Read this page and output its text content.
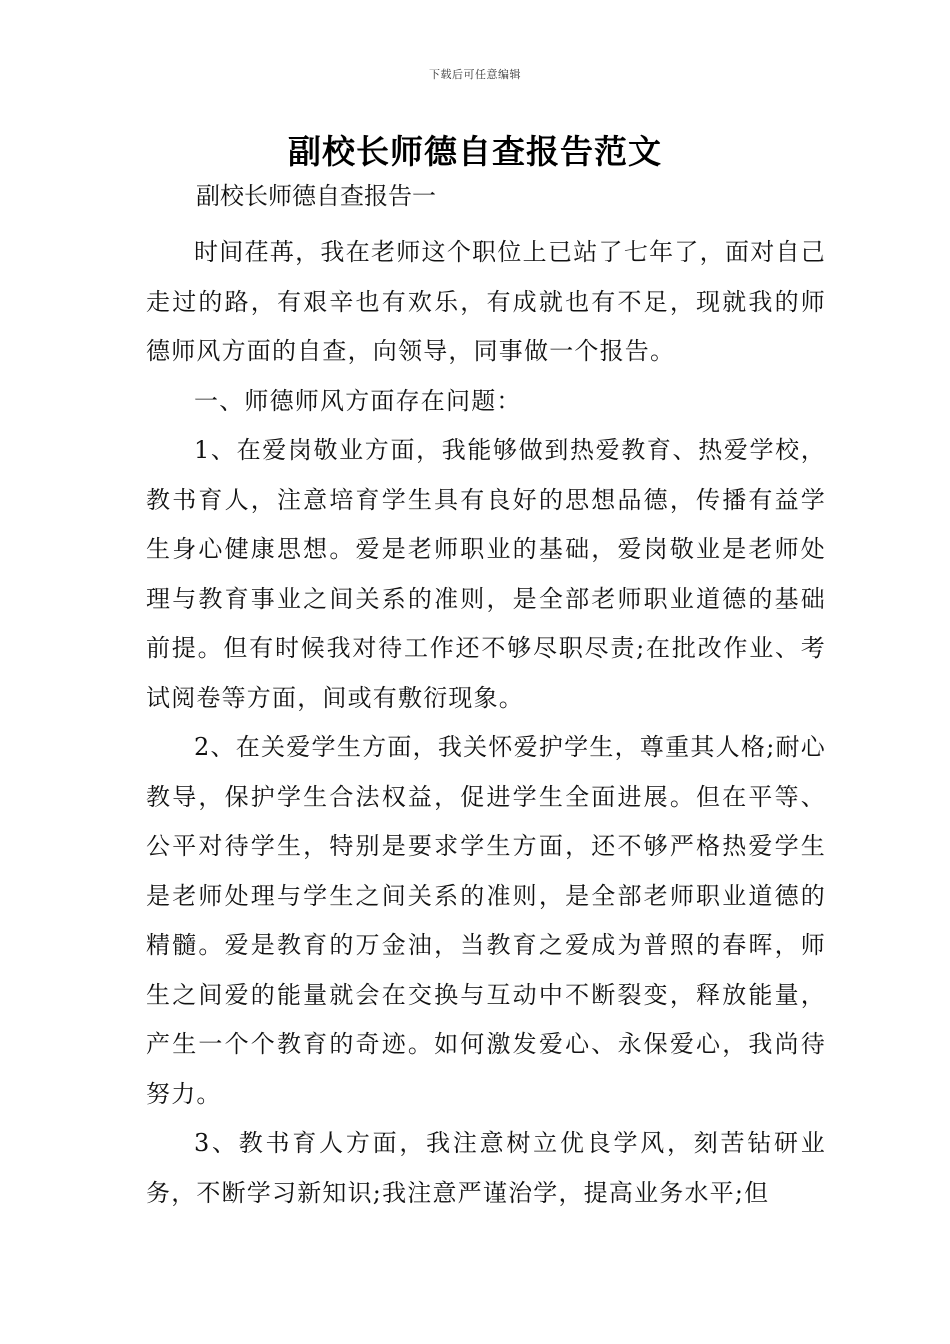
下载后可任意编辑
副校长师德自查报告范文

副校长师德自查报告一

时间荏苒，我在老师这个职位上已站了七年了，面对自己走过的路，有艰辛也有欢乐，有成就也有不足，现就我的师德师风方面的自查，向领导，同事做一个报告。

一、师德师风方面存在问题：

1、在爱岗敬业方面，我能够做到热爱教育、热爱学校，教书育人，注意培育学生具有良好的思想品德，传播有益学生身心健康思想。爱是老师职业的基础，爱岗敬业是老师处理与教育事业之间关系的准则，是全部老师职业道德的基础前提。但有时候我对待工作还不够尽职尽责;在批改作业、考试阅卷等方面，间或有敷衍现象。

2、在关爱学生方面，我关怀爱护学生，尊重其人格;耐心教导，保护学生合法权益，促进学生全面进展。但在平等、公平对待学生，特别是要求学生方面，还不够严格热爱学生是老师处理与学生之间关系的准则，是全部老师职业道德的精髓。爱是教育的万金油，当教育之爱成为普照的春晖，师生之间爱的能量就会在交换与互动中不断裂变，释放能量，产生一个个教育的奇迹。如何激发爱心、永保爱心，我尚待努力。

3、教书育人方面，我注意树立优良学风，刻苦钻研业务，不断学习新知识;我注意严谨治学，提高业务水平;但
